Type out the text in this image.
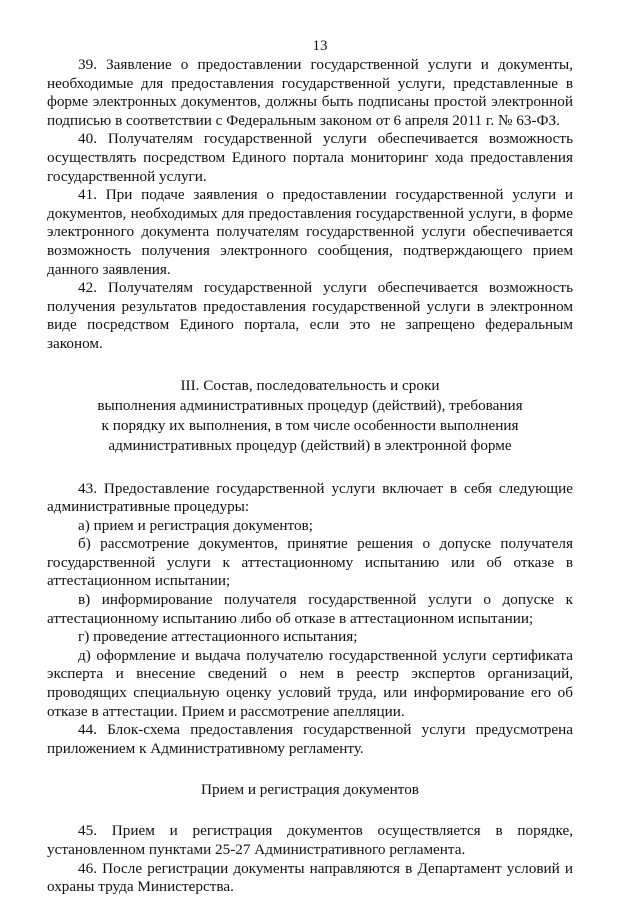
13

39. Заявление о предоставлении государственной услуги и документы, необходимые для предоставления государственной услуги, представленные в форме электронных документов, должны быть подписаны простой электронной подписью в соответствии с Федеральным законом от 6 апреля 2011 г. № 63-ФЗ.

40. Получателям государственной услуги обеспечивается возможность осуществлять посредством Единого портала мониторинг хода предоставления государственной услуги.

41. При подаче заявления о предоставлении государственной услуги и документов, необходимых для предоставления государственной услуги, в форме электронного документа получателям государственной услуги обеспечивается возможность получения электронного сообщения, подтверждающего прием данного заявления.

42. Получателям государственной услуги обеспечивается возможность получения результатов предоставления государственной услуги в электронном виде посредством Единого портала, если это не запрещено федеральным законом.

III. Состав, последовательность и сроки
выполнения административных процедур (действий), требования
к порядку их выполнения, в том числе особенности выполнения
административных процедур (действий) в электронной форме

43. Предоставление государственной услуги включает в себя следующие административные процедуры:

а) прием и регистрация документов;

б) рассмотрение документов, принятие решения о допуске получателя государственной услуги к аттестационному испытанию или об отказе в аттестационном испытании;

в) информирование получателя государственной услуги о допуске к аттестационному испытанию либо об отказе в аттестационном испытании;

г) проведение аттестационного испытания;

д) оформление и выдача получателю государственной услуги сертификата эксперта и внесение сведений о нем в реестр экспертов организаций, проводящих специальную оценку условий труда, или информирование его об отказе в аттестации. Прием и рассмотрение апелляции.

44. Блок-схема предоставления государственной услуги предусмотрена приложением к Административному регламенту.

Прием и регистрация документов

45. Прием и регистрация документов осуществляется в порядке, установленном пунктами 25-27 Административного регламента.

46. После регистрации документы направляются в Департамент условий и охраны труда Министерства.
